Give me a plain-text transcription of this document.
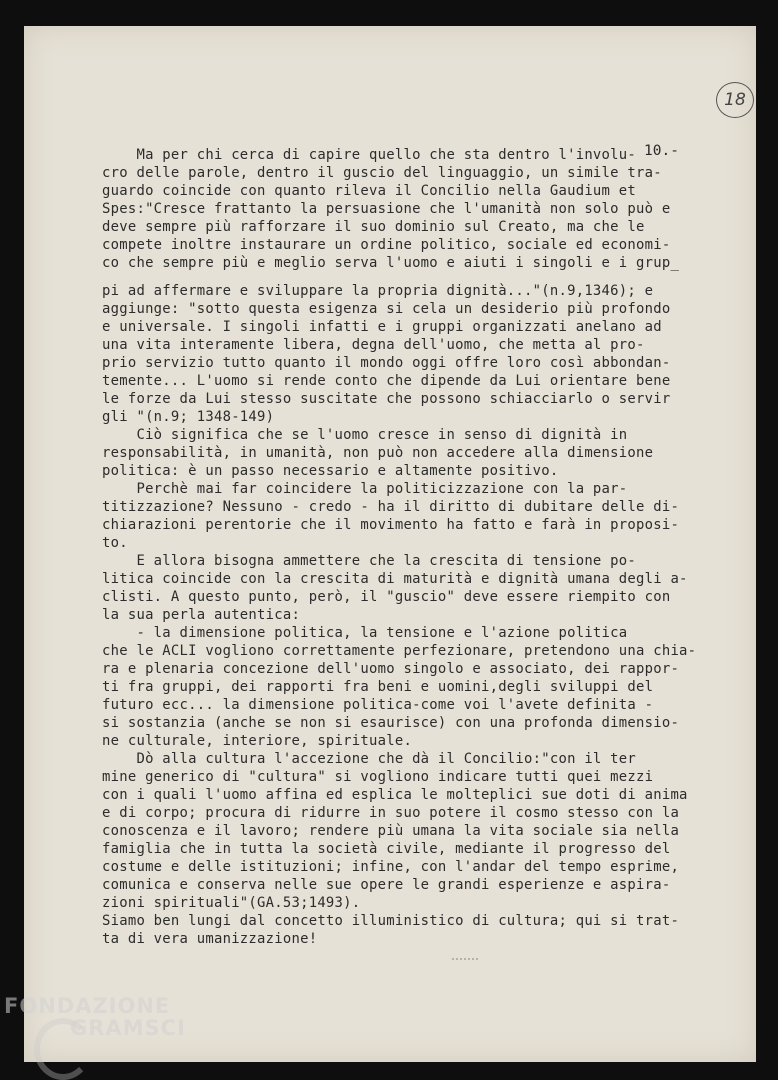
18
10.-
Ma per chi cerca di capire quello che sta dentro l'involu-
cro delle parole, dentro il guscio del linguaggio, un simile tra-
guardo coincide con quanto rileva il Concilio nella Gaudium et
Spes:"Cresce frattanto la persuasione che l'umanità non solo può e
deve sempre più rafforzare il suo dominio sul Creato, ma che le
compete inoltre instaurare un ordine politico, sociale ed economi-
co che sempre più e meglio serva l'uomo e aiuti i singoli e i grup_
pi ad affermare e sviluppare la propria dignità..."(n.9,1346); e
aggiunge: "sotto questa esigenza si cela un desiderio più profondo
e universale. I singoli infatti e i gruppi organizzati anelano ad
una vita interamente libera, degna dell'uomo, che metta al pro-
prio servizio tutto quanto il mondo oggi offre loro così abbondan-
temente... L'uomo si rende conto che dipende da Lui orientare bene
le forze da Lui stesso suscitate che possono schiacciarlo o servir
gli "(n.9; 1348-149)
Ciò significa che se l'uomo cresce in senso di dignità in
responsabilità, in umanità, non può non accedere alla dimensione
politica: è un passo necessario e altamente positivo.
Perchè mai far coincidere la politicizzazione con la par-
titizzazione? Nessuno - credo - ha il diritto di dubitare delle di-
chiarazioni perentorie che il movimento ha fatto e farà in proposi-
to.
E allora bisogna ammettere che la crescita di tensione po-
litica coincide con la crescita di maturità e dignità umana degli a-
clisti. A questo punto, però, il "guscio" deve essere riempito con
la sua perla autentica:
- la dimensione politica, la tensione e l'azione politica
che le ACLI vogliono correttamente perfezionare, pretendono una chia-
ra e plenaria concezione dell'uomo singolo e associato, dei rappor-
ti fra gruppi, dei rapporti fra beni e uomini,degli sviluppi del
futuro ecc... la dimensione politica-come voi l'avete definita -
si sostanzia (anche se non si esaurisce) con una profonda dimensio-
ne culturale, interiore, spirituale.
Dò alla cultura l'accezione che dà il Concilio:"con il ter
mine generico di "cultura" si vogliono indicare tutti quei mezzi
con i quali l'uomo affina ed esplica le molteplici sue doti di anima
e di corpo; procura di ridurre in suo potere il cosmo stesso con la
conoscenza e il lavoro; rendere più umana la vita sociale sia nella
famiglia che in tutta la società civile, mediante il progresso del
costume e delle istituzioni; infine, con l'andar del tempo esprime,
comunica e conserva nelle sue opere le grandi esperienze e aspira-
zioni spirituali"(GA.53;1493).
Siamo ben lungi dal concetto illuministico di cultura; qui si trat-
ta di vera umanizzazione!
FONDAZIONE
GRAMSCI
